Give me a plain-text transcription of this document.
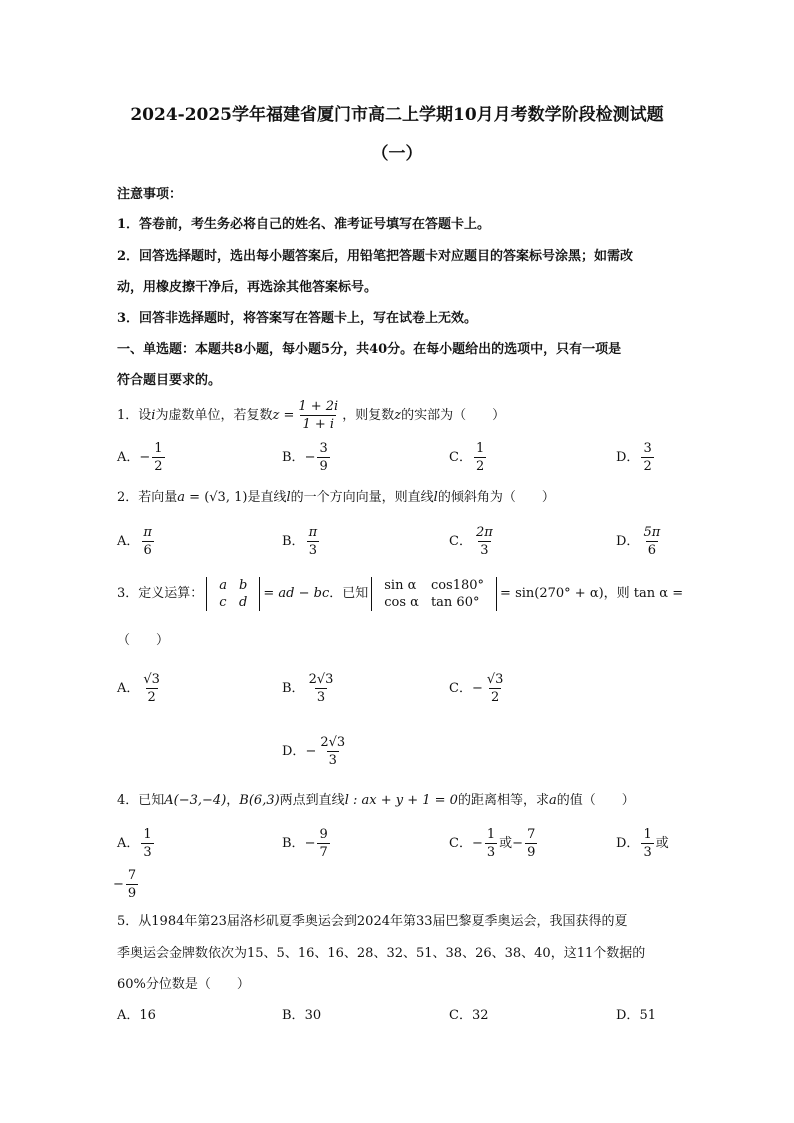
2024-2025学年福建省厦门市高二上学期10月月考数学阶段检测试题
（一）
注意事项：
1．答卷前，考生务必将自己的姓名、准考证号填写在答题卡上。
2．回答选择题时，选出每小题答案后，用铅笔把答题卡对应题目的答案标号涂黑；如需改
动，用橡皮擦干净后，再选涂其他答案标号。
3．回答非选择题时，将答案写在答题卡上，写在试卷上无效。
一、单选题：本题共8小题，每小题5分，共40分。在每小题给出的选项中，只有一项是
符合题目要求的。
1．设i为虚数单位，若复数$z = \frac{1 + 2i}{1 + i}$ ，则复数z的实部为（　　）
A．− $\frac{1}{2}$	B．− $\frac{3}{9}$	C． $\frac{1}{2}$	D． $\frac{3}{2}$
2．若向量a = (√3, 1)是直线l的一个方向向量，则直线l的倾斜角为（　　）
A． $\frac{\pi}{6}$	B． $\frac{\pi}{3}$	C． $\frac{2\pi}{3}$	D． $\frac{5\pi}{6}$
3．定义运算：
a	b
c	d
= ad − bc．已知
sin α	cos180°
cos α	tan 60°
= sin(270° + α)，则 tan α =
（　　）
A． $\frac{√3}{2}$	B． $\frac{2√3}{3}$	C．− $\frac{√3}{2}$
D．− $\frac{2√3}{3}$
4．已知A(−3,−4)，B(6,3)两点到直线l : ax + y + 1 = 0的距离相等，求a的值（　　）
A． $\frac{1}{3}$	B．− $\frac{9}{7}$	C．− $\frac{1}{3}$ 或− $\frac{7}{9}$	D． $\frac{1}{3}$ 或
− $\frac{7}{9}$
5．从1984年第23届洛杉矶夏季奥运会到2024年第33届巴黎夏季奥运会，我国获得的夏
季奥运会金牌数依次为15、5、16、16、28、32、51、38、26、38、40，这11个数据的
60%分位数是（　　）
A．16	B．30	C．32	D．51
